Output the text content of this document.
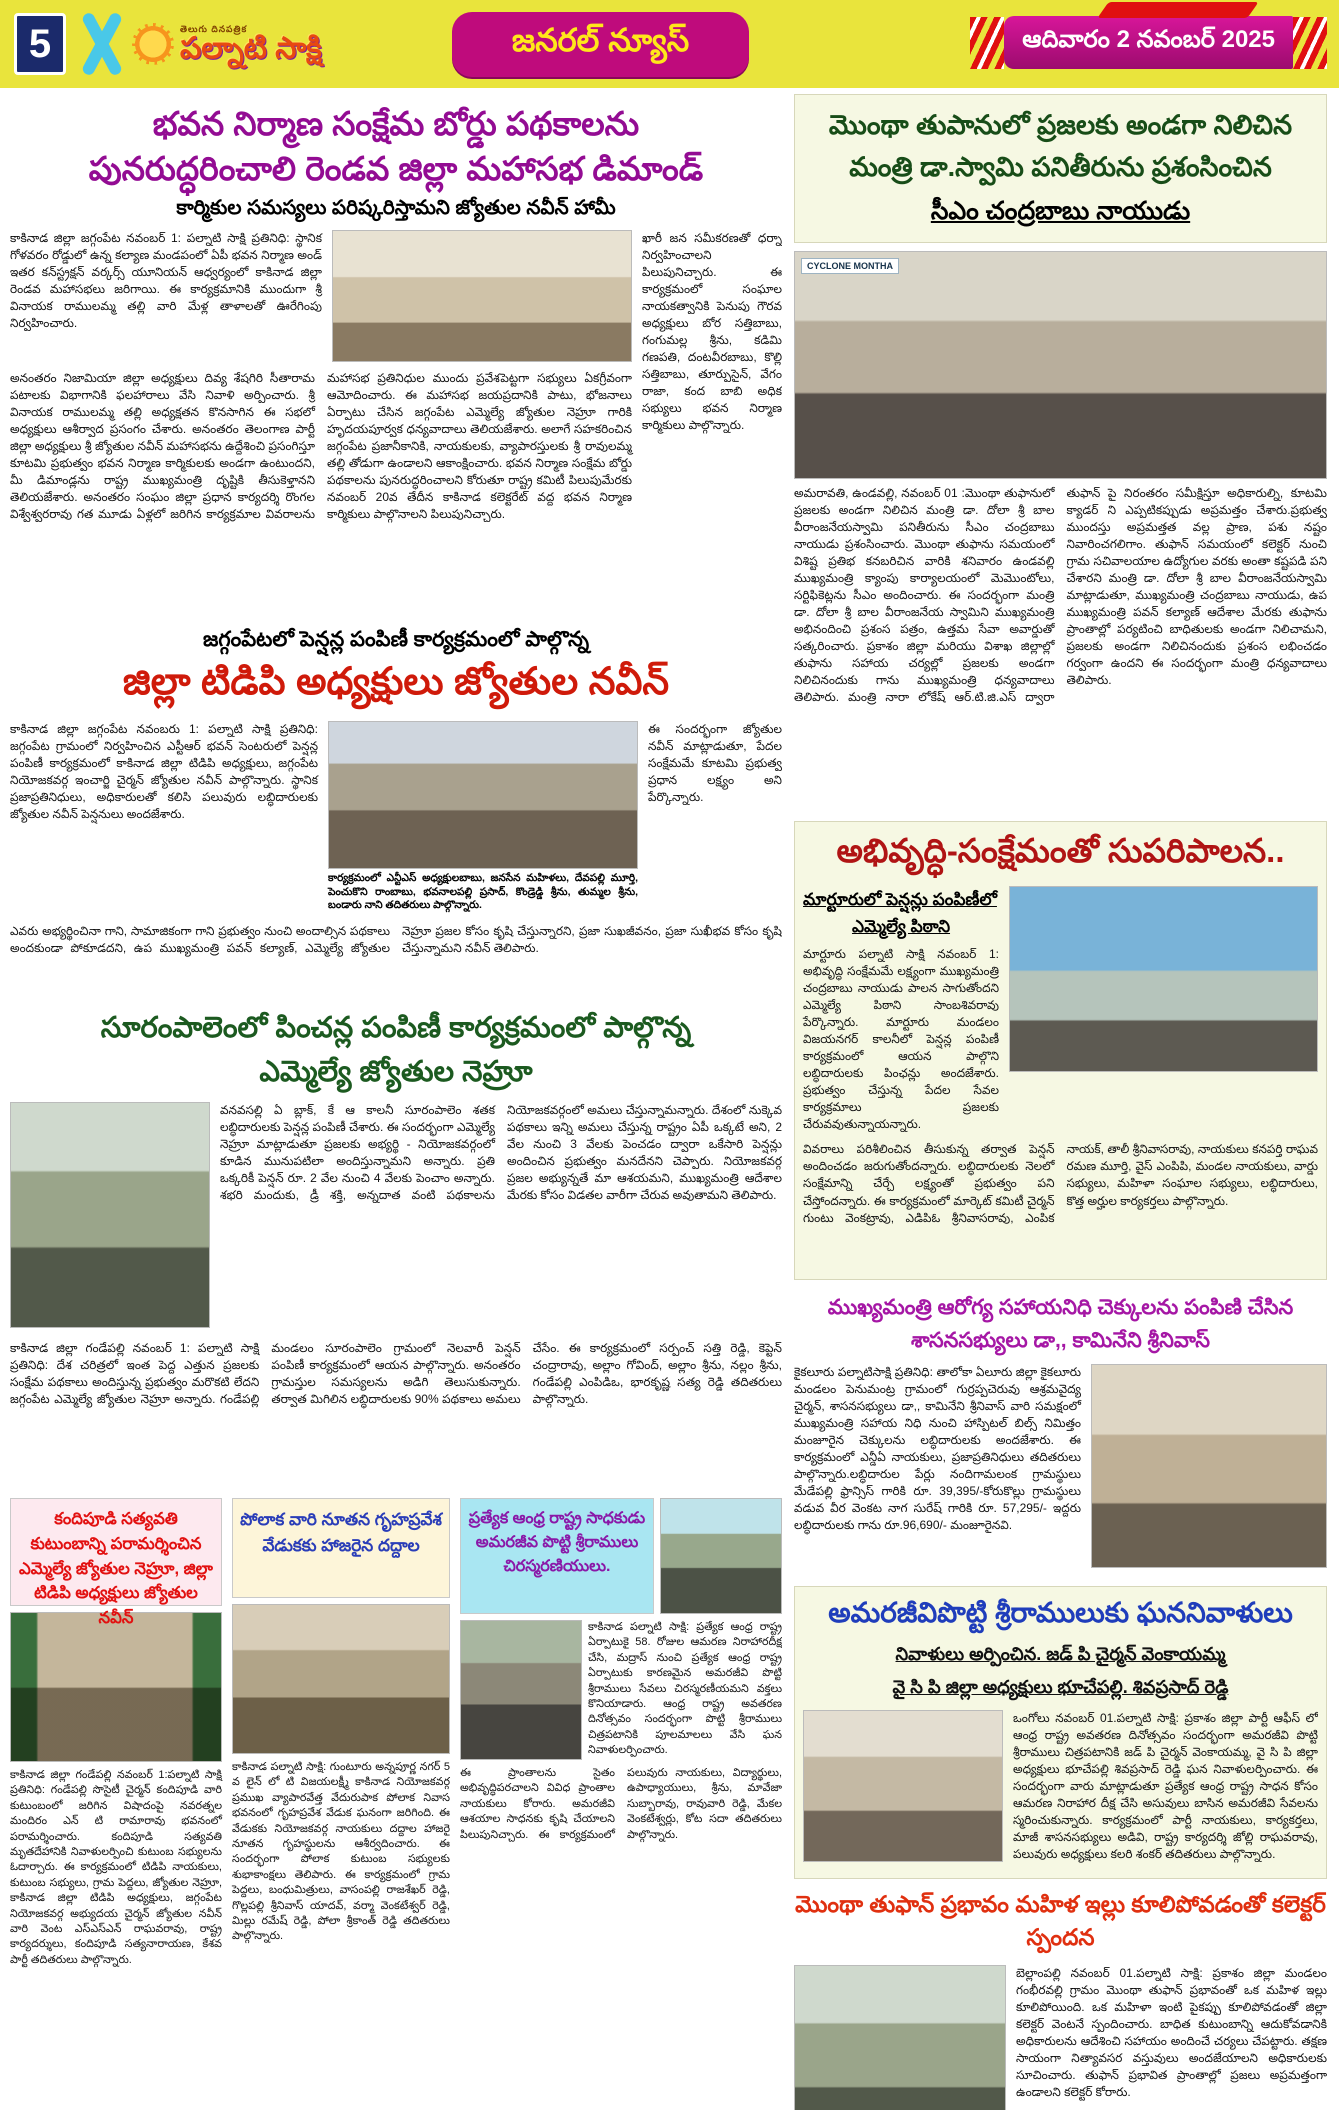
5	తెలుగు దినపత్రిక
పల్నాటి సాక్షి	జనరల్ న్యూస్	ఆదివారం 2 నవంబర్ 2025
భవన నిర్మాణ సంక్షేమ బోర్డు పథకాలను
పునరుద్ధరించాలి రెండవ జిల్లా మహాసభ డిమాండ్
కార్మికుల సమస్యలు పరిష్కరిస్తామని జ్యోతుల నవీన్ హామీ

కాకినాడ జిల్లా జగ్గంపేట నవంబర్ 1: పల్నాటి సాక్షి ప్రతినిధి: స్థానిక గోళవరం రోడ్డులో ఉన్న కల్యాణ మండపంలో ఏపీ భవన నిర్మాణ అండ్ ఇతర కన్‌స్ట్రక్షన్ వర్కర్స్ యూనియన్ ఆధ్వర్యంలో కాకినాడ జిల్లా రెండవ మహాసభలు జరిగాయి. ఈ కార్యక్రమానికి ముందుగా శ్రీ వినాయక రాములమ్మ తల్లి వారి మేళ్ల తాళాలతో ఊరేగింపు నిర్వహించారు.

అనంతరం నిజామియా జిల్లా అధ్యక్షులు దివ్య శేషగిరి సీతారామ పటాలకు విభాగానికి ఫలహారాలు వేసి నివాళి అర్పించారు. శ్రీ వినాయక రాములమ్మ తల్లి అధ్యక్షతన కొనసాగిన ఈ సభలో అధ్యక్షులు ఆశీర్వాద ప్రసంగం చేశారు. అనంతరం తెలంగాణ పార్టీ జిల్లా అధ్యక్షులు శ్రీ జ్యోతుల నవీన్ మహాసభను ఉద్దేశించి ప్రసంగిస్తూ కూటమి ప్రభుత్వం భవన నిర్మాణ కార్మికులకు అండగా ఉంటుందని, మీ డిమాండ్లను రాష్ట్ర ముఖ్యమంత్రి దృష్టికి తీసుకెళ్తానని తెలియజేశారు. అనంతరం సంఘం జిల్లా ప్రధాన కార్యదర్శి రొంగల విశ్వేశ్వరరావు గత మూడు ఏళ్లలో జరిగిన కార్యక్రమాల వివరాలను మహాసభ ప్రతినిధుల ముందు ప్రవేశపెట్టగా సభ్యులు ఏకగ్రీవంగా ఆమోదించారు. ఈ మహాసభ జయప్రదానికి పాటు, భోజనాలు ఏర్పాటు చేసిన జగ్గంపేట ఎమ్మెల్యే జ్యోతుల నెహ్రూ గారికి హృదయపూర్వక ధన్యవాదాలు తెలియజేశారు. అలాగే సహకరించిన జగ్గంపేట ప్రజానీకానికి, నాయకులకు, వ్యాపారస్తులకు శ్రీ రావులమ్మ తల్లి తోడుగా ఉండాలని ఆకాంక్షించారు. భవన నిర్మాణ సంక్షేమ బోర్డు పథకాలను పునరుద్ధరించాలని కోరుతూ రాష్ట్ర కమిటీ పిలుపుమేరకు నవంబర్ 20వ తేదీన కాకినాడ కలెక్టరేట్ వద్ద భవన నిర్మాణ కార్మికులు పాల్గొనాలని పిలుపునిచ్చారు.

ఖారీ జన సమీకరణతో ధర్నా నిర్వహించాలని పిలుపునిచ్చారు. ఈ కార్యక్రమంలో సంఘాల నాయకత్వానికి పెనుపు గౌరవ అధ్యక్షులు బోర సత్తిబాబు, గంగుమల్ల శ్రీను, కడిమి గణపతి, దంటవీరబాబు, కొల్లి సత్తిబాబు, తూర్పుసైన్, వేగం రాజా, కంద బాబి అధిక సభ్యులు భవన నిర్మాణ కార్మికులు పాల్గొన్నారు.

జగ్గంపేటలో పెన్షన్ల పంపిణీ కార్యక్రమంలో పాల్గొన్న
జిల్లా టిడిపి అధ్యక్షులు జ్యోతుల నవీన్

కాకినాడ జిల్లా జగ్గంపేట నవంబరు 1: పల్నాటి సాక్షి ప్రతినిధి: జగ్గంపేట గ్రామంలో నిర్వహించిన ఎస్టీఆర్ భవన్ సెంటరులో పెన్షన్ల పంపిణీ కార్యక్రమంలో కాకినాడ జిల్లా టిడిపి అధ్యక్షులు, జగ్గంపేట నియోజకవర్గ ఇంచార్జి చైర్మన్ జ్యోతుల నవీన్ పాల్గొన్నారు. స్థానిక ప్రజాప్రతినిధులు, అధికారులతో కలిసి పలువురు లబ్ధిదారులకు జ్యోతుల నవీన్ పెన్షనులు అందజేశారు.

కార్యక్రమంలో ఎన్టీఎస్ అధ్యక్షులబాబు, జనసేన మహిళలు, దేవపల్లి మూర్తి, పెంచుకొని రాంబాబు, భవనాలపల్లి ప్రసాద్, కొండ్రెడ్డి శ్రీను, తుమ్మల శ్రీను, బండారు నాని తదితరులు పాల్గొన్నారు.

ఈ సందర్భంగా జ్యోతుల నవీన్ మాట్లాడుతూ, పేదల సంక్షేమమే కూటమి ప్రభుత్వ ప్రధాన లక్ష్యం అని పేర్కొన్నారు.

ఎవరు అభ్యర్థించినా గాని, సామాజికంగా గాని ప్రభుత్వం నుంచి అందాల్సిన పథకాలు అందకుండా పోకూడదని, ఉప ముఖ్యమంత్రి పవన్ కల్యాణ్, ఎమ్మెల్యే జ్యోతుల నెహ్రూ ప్రజల కోసం కృషి చేస్తున్నారని, ప్రజా సుఖజీవనం, ప్రజా సుఖీభవ కోసం కృషి చేస్తున్నామని నవీన్ తెలిపారు.

సూరంపాలెంలో పించన్ల పంపిణీ కార్యక్రమంలో పాల్గొన్న
ఎమ్మెల్యే జ్యోతుల నెహ్రూ

వనవసల్లి ఏ బ్లాక్, కే ఆ కాలనీ సూరంపాలెం శతక లబ్ధిదారులకు పెన్షన్ల పంపిణీ చేశారు. ఈ సందర్భంగా ఎమ్మెల్యే నెహ్రూ మాట్లాడుతూ ప్రజలకు అభ్యర్థి - నియోజకవర్గంలో కూడిన మునుపటిలా అందిస్తున్నామని అన్నారు. ప్రతి ఒక్కరికీ పెన్షన్ రూ. 2 వేల నుంచి 4 వేలకు పెంచాం అన్నారు. శభరి మందుకు, డ్రీ శక్తి, అన్నదాత వంటి పథకాలను నియోజకవర్గంలో అమలు చేస్తున్నామన్నారు. దేశంలో నుక్కెవ పథకాలు ఇన్ని అమలు చేస్తున్న రాష్ట్రం ఏపీ ఒక్కటే అని, 2 వేల నుంచి 3 వేలకు పెంచడం ద్వారా ఒకేసారి పెన్షన్లు అందించిన ప్రభుత్వం మనదేనని చెప్పారు. నియోజకవర్గ ప్రజల అభ్యున్నతే మా ఆశయమని, ముఖ్యమంత్రి ఆదేశాల మేరకు కోసం విడతల వారీగా చేరువ అవుతామని తెలిపారు.

కాకినాడ జిల్లా గండేపల్లి నవంబర్ 1: పల్నాటి సాక్షి ప్రతినిధి: దేశ చరిత్రలో ఇంత పెద్ద ఎత్తున ప్రజలకు సంక్షేమ పథకాలు అందిస్తున్న ప్రభుత్వం మరొకటి లేదని జగ్గంపేట ఎమ్మెల్యే జ్యోతుల నెహ్రూ అన్నారు. గండేపల్లి మండలం సూరంపాలెం గ్రామంలో నెలవారీ పెన్షన్ పంపిణీ కార్యక్రమంలో ఆయన పాల్గొన్నారు. అనంతరం గ్రామస్తుల సమస్యలను అడిగి తెలుసుకున్నారు. తర్వాత మిగిలిన లబ్ధిదారులకు 90% పథకాలు అమలు చేసేం. ఈ కార్యక్రమంలో సర్పంచ్ సత్తి రెడ్డి, కెప్టెన్ చంద్రారావు, అల్లాం గోవింద్, అల్లాం శ్రీను, నల్లం శ్రీను, గండేపల్లి ఎంపిడిఒ, భారకృష్ణ సత్య రెడ్డి తదితరులు పాల్గొన్నారు.

కందిపూడి సత్యవతి కుటుంబాన్ని పరామర్శించిన ఎమ్మెల్యే జ్యోతుల నెహ్రూ, జిల్లా టిడిపి అధ్యక్షులు జ్యోతుల నవీన్

కాకినాడ జిల్లా గండేపల్లి నవంబర్ 1:పల్నాటి సాక్షి ప్రతినిధి: గండేపల్లి సొసైటీ చైర్మన్ కందిపూడి వారి కుటుంబంలో జరిగిన విషాదంపై నవరత్నల మందిరం ఎన్ టి రామారావు భవనంలో పరామర్శించారు. కందిపూడి సత్యవతి మృతదేహానికి నివాళులర్పించి కుటుంబ సభ్యులను ఓదార్చారు. ఈ కార్యక్రమంలో టిడిపి నాయకులు, కుటుంబ సభ్యులు, గ్రామ పెద్దలు, జ్యోతుల నెహ్రూ, కాకినాడ జిల్లా టిడిపి అధ్యక్షులు, జగ్గంపేట నియోజకవర్గ అభ్యుదయ చైర్మన్ జ్యోతుల నవీన్ వారి వెంట ఎస్ఎస్ఎన్ రాఘవరావు, రాష్ట్ర కార్యదర్శులు, కందిపూడి సత్యనారాయణ, కేశవ పార్టీ తదితరులు పాల్గొన్నారు.

పోలాక వారి నూతన గృహప్రవేశ వేడుకకు హాజరైన దద్దాల

కాకినాడ పల్నాటి సాక్షి: గుంటూరు అన్నపూర్ణ నగర్ 5 వ లైన్ లో టి విజయలక్ష్మీ కాకినాడ నియోజకవర్గ ప్రముఖ వ్యాపారవేత్త వేదురుపాక పోలాక నివాస భవనంలో గృహప్రవేశ వేడుక ఘనంగా జరిగింది. ఈ వేడుకకు నియోజకవర్గ నాయకులు దద్దాల హాజరై నూతన గృహస్థులను ఆశీర్వదించారు. ఈ సందర్భంగా పోలాక కుటుంబ సభ్యులకు శుభాకాంక్షలు తెలిపారు. ఈ కార్యక్రమంలో గ్రామ పెద్దలు, బంధుమిత్రులు, వాసంపల్లి రాజశేఖర్ రెడ్డి, గొల్లపల్లి శ్రీనివాస్ యాదవ్, వర్మా వెంకటేశ్వర్ రెడ్డి, మిల్లు రమేష్ రెడ్డి, పోలా శ్రీకాంత్ రెడ్డి తదితరులు పాల్గొన్నారు.

ప్రత్యేక ఆంధ్ర రాష్ట్ర సాధకుడు అమరజీవ పొట్టి శ్రీరాములు చిరస్మరణియులు.

కాకినాడ పల్నాటి సాక్షి: ప్రత్యేక ఆంధ్ర రాష్ట్ర ఏర్పాటుకై 58. రోజుల ఆమరణ నిరాహారదీక్ష చేసి, మద్రాస్ నుంచి ప్రత్యేక ఆంధ్ర రాష్ట్ర ఏర్పాటుకు కారణమైన అమరజీవి పొట్టి శ్రీరాములు సేవలు చిరస్మరణీయమని వక్తలు కొనియాడారు. ఆంధ్ర రాష్ట్ర అవతరణ దినోత్సవం సందర్భంగా పొట్టి శ్రీరాములు చిత్రపటానికి పూలమాలలు వేసి ఘన నివాళులర్పించారు.

ఈ ప్రాంతాలను సైతం అభివృద్ధిపరచాలని వివిధ ప్రాంతాల నాయకులు కోరారు. అమరజీవి ఆశయాల సాధనకు కృషి చేయాలని పిలుపునిచ్చారు. ఈ కార్యక్రమంలో పలువురు నాయకులు, విద్యార్థులు, ఉపాధ్యాయులు, శ్రీను, మావేజా సుబ్బారావు, రావువారి రెడ్డి, మేకల వెంకటేశ్వర్లు, కోట సదా తదితరులు పాల్గొన్నారు.

మొంథా తుపానులో ప్రజలకు అండగా నిలిచిన
మంత్రి డా.స్వామి పనితీరును ప్రశంసించిన
సీఎం చంద్రబాబు నాయుడు
CYCLONE MONTHA

అమరావతి, ఉండవల్లి, నవంబర్ 01 :మొంథా తుఫానులో ప్రజలకు అండగా నిలిచిన మంత్రి డా. దోలా శ్రీ బాల వీరాంజనేయస్వామి పనితీరును సీఎం చంద్రబాబు నాయుడు ప్రశంసించారు. మొంథా తుఫాను సమయంలో విశిష్ట ప్రతిభ కనబరిచిన వారికి శనివారం ఉండవల్లి ముఖ్యమంత్రి క్యాంపు కార్యాలయంలో మెమొంటోలు, సర్టిఫికెట్లను సీఎం అందించారు. ఈ సందర్భంగా మంత్రి డా. దోలా శ్రీ బాల వీరాంజనేయ స్వామిని ముఖ్యమంత్రి అభినందించి ప్రశంస పత్రం, ఉత్తమ సేవా అవార్డుతో సత్కరించారు. ప్రకాశం జిల్లా మరియు విశాఖ జిల్లాల్లో తుఫాను సహాయ చర్యల్లో ప్రజలకు అండగా నిలిచినందుకు గాను ముఖ్యమంత్రి ధన్యవాదాలు తెలిపారు. మంత్రి నారా లోకేష్ ఆర్.టి.జి.ఎస్ ద్వారా తుఫాన్ పై నిరంతరం సమీక్షిస్తూ అధికారుల్ని, కూటమి క్యాడర్ ని ఎప్పటికప్పుడు అప్రమత్తం చేశారు.ప్రభుత్వ ముందస్తు అప్రమత్తత వల్ల ప్రాణ, పశు నష్టం నివారించగలిగాం. తుఫాన్ సమయంలో కలెక్టర్ నుంచి గ్రామ సచివాలయాల ఉద్యోగుల వరకు అంతా కష్టపడి పని చేశారని మంత్రి డా. దోలా శ్రీ బాల వీరాంజనేయస్వామి మాట్లాడుతూ, ముఖ్యమంత్రి చంద్రబాబు నాయుడు, ఉప ముఖ్యమంత్రి పవన్ కల్యాణ్ ఆదేశాల మేరకు తుఫాను ప్రాంతాల్లో పర్యటించి బాధితులకు అండగా నిలిచామని, ప్రజలకు అండగా నిలిచినందుకు ప్రశంస లభించడం గర్వంగా ఉందని ఈ సందర్భంగా మంత్రి ధన్యవాదాలు తెలిపారు.

అభివృద్ధి-సంక్షేమంతో సుపరిపాలన..
మార్టూరులో పెన్షన్లు పంపిణీలో
ఎమ్మెల్యే పిఠాని

మార్టూరు పల్నాటి సాక్షి నవంబర్ 1: అభివృద్ధి సంక్షేమమే లక్ష్యంగా ముఖ్యమంత్రి చంద్రబాబు నాయుడు పాలన సాగుతోందని ఎమ్మెల్యే పిఠాని సాంబశివరావు పేర్కొన్నారు. మార్టూరు మండలం విజయనగర్ కాలనీలో పెన్షన్ల పంపిణీ కార్యక్రమంలో ఆయన పాల్గొని లబ్ధిదారులకు పింఛన్లు అందజేశారు. ప్రభుత్వం చేస్తున్న పేదల సేవల కార్యక్రమాలు ప్రజలకు చేరువవుతున్నాయన్నారు.

వివరాలు పరిశీలించిన తీసుకున్న తర్వాత పెన్షన్ అందించడం జరుగుతోందన్నారు. లబ్ధిదారులకు నెలలో సంక్షేమాన్ని చేర్చే లక్ష్యంతో ప్రభుత్వం పని చేస్తోందన్నారు. ఈ కార్యక్రమంలో మార్కెట్ కమిటీ చైర్మన్ గుంటు వెంకట్రావు, ఎడిపిఓ శ్రీనివాసరావు, ఎంపిక నాయక్, తాలీ శ్రీనివాసరావు, నాయకులు కనపర్తి రాఘవ రమణ మూర్తి, వైస్ ఎంపిపి, మండల నాయకులు, వార్డు సభ్యులు, మహిళా సంఘాల సభ్యులు, లబ్ధిదారులు, కొత్త అర్హుల కార్యకర్తలు పాల్గొన్నారు.

ముఖ్యమంత్రి ఆరోగ్య సహాయనిధి చెక్కులను పంపిణి చేసిన
శాసనసభ్యులు డా,, కామినేని శ్రీనివాస్

కైకలూరు పల్నాటిసాక్షి ప్రతినిధి: తాలోకా ఏలూరు జిల్లా కైకలూరు మండలం పెనుమంట్ర గ్రామంలో గుర్రప్పచెరువు ఆశ్రమవైద్య చైర్మన్, శాసనసభ్యులు డా,, కామినేని శ్రీనివాస్ వారి సమక్షంలో ముఖ్యమంత్రి సహాయ నిధి నుంచి హాస్పిటల్ బిల్స్ నిమిత్తం మంజూరైన చెక్కులను లబ్ధిదారులకు అందజేశారు. ఈ కార్యక్రమంలో ఎన్డీఏ నాయకులు, ప్రజాప్రతినిధులు తదితరులు పాల్గొన్నారు.లబ్ధిదారుల పేర్లు నందిగామలంక గ్రామస్థులు మేడేపల్లి ఫ్రాన్సిస్ గారికి రూ. 39,395/-కోరుకొల్లు గ్రామస్థులు వడువ వీర వెంకట నాగ సురేష్ గారికి రూ. 57,295/- ఇద్దరు లబ్ధిదారులకు గాను రూ.96,690/- మంజూరైనవి.

అమరజీవిపొట్టి శ్రీరాములుకు ఘననివాళులు
నివాళులు అర్పించిన. జడ్ పి చైర్మన్ వెంకాయమ్మ
వై సి పి జిల్లా అధ్యక్షులు భూచేపల్లి. శివప్రసాద్ రెడ్డి

ఒంగోలు నవంబర్ 01.పల్నాటి సాక్షి: ప్రకాశం జిల్లా పార్టీ ఆఫీస్ లో ఆంధ్ర రాష్ట్ర అవతరణ దినోత్సవం సందర్భంగా అమరజీవి పొట్టి శ్రీరాములు చిత్రపటానికి జడ్ పి చైర్మన్ వెంకాయమ్మ, వై సి పి జిల్లా అధ్యక్షులు భూచేపల్లి శివప్రసాద్ రెడ్డి ఘన నివాళులర్పించారు. ఈ సందర్భంగా వారు మాట్లాడుతూ ప్రత్యేక ఆంధ్ర రాష్ట్ర సాధన కోసం ఆమరణ నిరాహార దీక్ష చేసి అసువులు బాసిన అమరజీవి సేవలను స్మరించుకున్నారు. కార్యక్రమంలో పార్టీ నాయకులు, కార్యకర్తలు, మాజీ శాసనసభ్యులు అడివి, రాష్ట్ర కార్యదర్శి జోల్లి రాఘవరావు, పలువురు అధ్యక్షులు కలరి శంకర్ తదితరులు పాల్గొన్నారు.

మొంథా తుఫాన్ ప్రభావం మహిళ ఇల్లు కూలిపోవడంతో కలెక్టర్ స్పందన

బెల్లాంపల్లి నవంబర్ 01.పల్నాటి సాక్షి: ప్రకాశం జిల్లా మండలం గంభీరవల్లి గ్రామం మొంథా తుఫాన్ ప్రభావంతో ఒక మహిళ ఇల్లు కూలిపోయింది. ఒక మహిళా ఇంటి పైకప్పు కూలిపోవడంతో జిల్లా కలెక్టర్ వెంటనే స్పందించారు. బాధిత కుటుంబాన్ని ఆదుకోవడానికి అధికారులను ఆదేశించి సహాయం అందించే చర్యలు చేపట్టారు. తక్షణ సాయంగా నిత్యావసర వస్తువులు అందజేయాలని అధికారులకు సూచించారు. తుఫాన్ ప్రభావిత ప్రాంతాల్లో ప్రజలు అప్రమత్తంగా ఉండాలని కలెక్టర్ కోరారు.
